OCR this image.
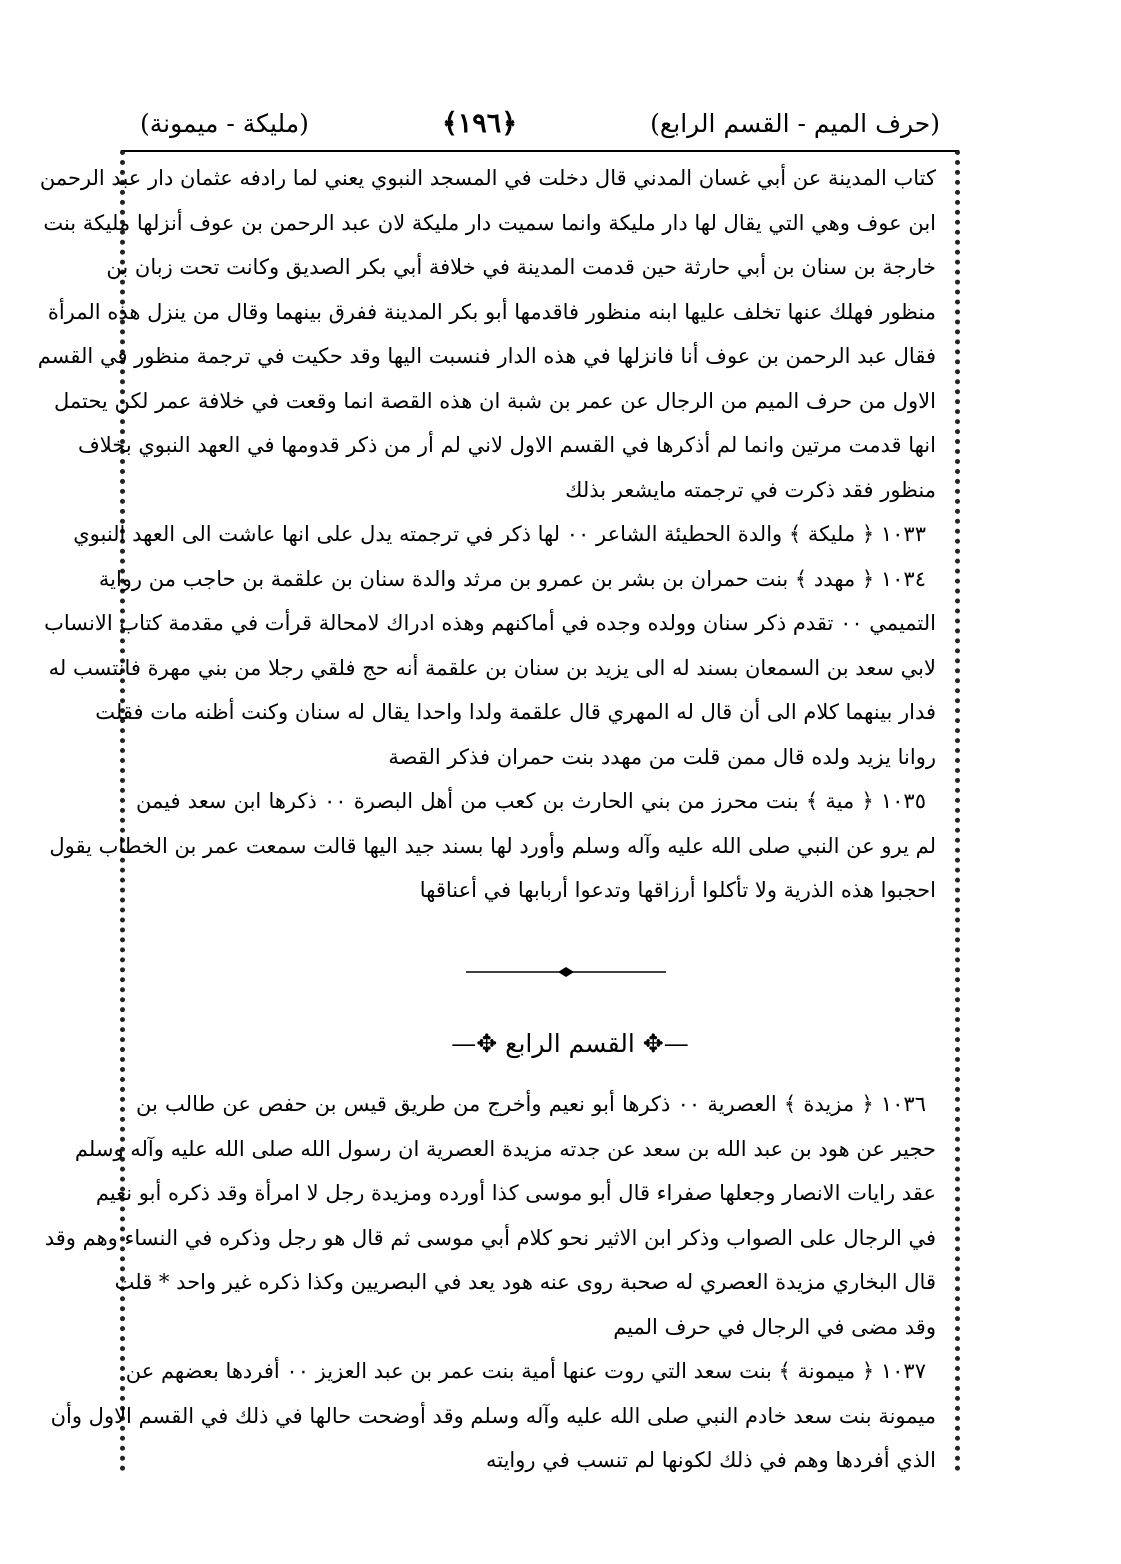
(حرف الميم - القسم الرابع)
﴿١٩٦﴾
(مليكة - ميمونة)
كتاب المدينة عن أبي غسان المدني قال دخلت في المسجد النبوي يعني لما رادفه عثمان دار عبد الرحمن
ابن عوف وهي التي يقال لها دار مليكة وانما سميت دار مليكة لان عبد الرحمن بن عوف أنزلها مليكة بنت
خارجة بن سنان بن أبي حارثة حين قدمت المدينة في خلافة أبي بكر الصديق وكانت تحت زبان بن
منظور فهلك عنها تخلف عليها ابنه منظور فاقدمها أبو بكر المدينة ففرق بينهما وقال من ينزل هذه المرأة
فقال عبد الرحمن بن عوف أنا فانزلها في هذه الدار فنسبت اليها وقد حكيت في ترجمة منظور في القسم
الاول من حرف الميم من الرجال عن عمر بن شبة ان هذه القصة انما وقعت في خلافة عمر لكن يحتمل
انها قدمت مرتين وانما لم أذكرها في القسم الاول لاني لم أر من ذكر قدومها في العهد النبوي بخلاف
منظور فقد ذكرت في ترجمته مايشعر بذلك
١٠٣٣ ﴿ مليكة ﴾ والدة الحطيئة الشاعر ٠٠ لها ذكر في ترجمته يدل على انها عاشت الى العهد النبوي
١٠٣٤ ﴿ مهدد ﴾ بنت حمران بن بشر بن عمرو بن مرثد والدة سنان بن علقمة بن حاجب من رواية
التميمي ٠٠ تقدم ذكر سنان وولده وجده في أماكنهم وهذه ادراك لامحالة قرأت في مقدمة كتاب الانساب
لابي سعد بن السمعان بسند له الى يزيد بن سنان بن علقمة أنه حج فلقي رجلا من بني مهرة فانتسب له
فدار بينهما كلام الى أن قال له المهري قال علقمة ولدا واحدا يقال له سنان وكنت أظنه مات فقلت
روانا يزيد ولده قال ممن قلت من مهدد بنت حمران فذكر القصة
١٠٣٥ ﴿ مية ﴾ بنت محرز من بني الحارث بن كعب من أهل البصرة ٠٠ ذكرها ابن سعد فيمن
لم يرو عن النبي صلى الله عليه وآله وسلم وأورد لها بسند جيد اليها قالت سمعت عمر بن الخطاب يقول
احجبوا هذه الذرية ولا تأكلوا أرزاقها وتدعوا أربابها في أعناقها
—✥ القسم الرابع ✥—
١٠٣٦ ﴿ مزيدة ﴾ العصرية ٠٠ ذكرها أبو نعيم وأخرج من طريق قيس بن حفص عن طالب بن
حجير عن هود بن عبد الله بن سعد عن جدته مزيدة العصرية ان رسول الله صلى الله عليه وآله وسلم
عقد رايات الانصار وجعلها صفراء قال أبو موسى كذا أورده ومزيدة رجل لا امرأة وقد ذكره أبو نعيم
في الرجال على الصواب وذكر ابن الاثير نحو كلام أبي موسى ثم قال هو رجل وذكره في النساء وهم وقد
قال البخاري مزيدة العصري له صحبة روى عنه هود يعد في البصريين وكذا ذكره غير واحد * قلت
وقد مضى في الرجال في حرف الميم
١٠٣٧ ﴿ ميمونة ﴾ بنت سعد التي روت عنها أمية بنت عمر بن عبد العزيز ٠٠ أفردها بعضهم عن
ميمونة بنت سعد خادم النبي صلى الله عليه وآله وسلم وقد أوضحت حالها في ذلك في القسم الاول وأن
الذي أفردها وهم في ذلك لكونها لم تنسب في روايته
